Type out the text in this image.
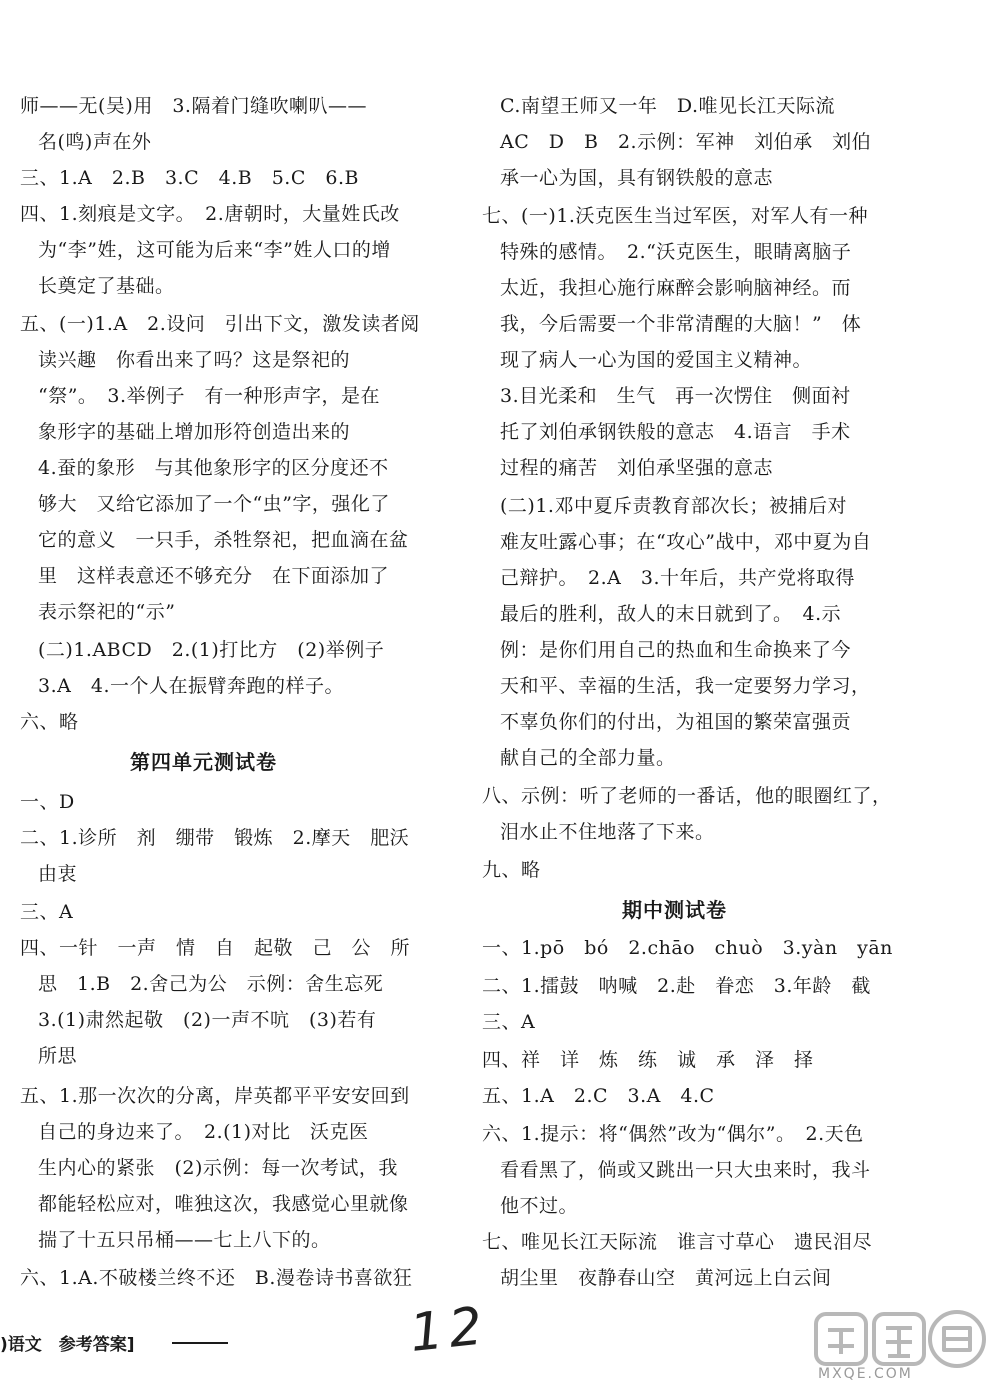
师——无(吴)用　3.隔着门缝吹喇叭——
名(鸣)声在外
三、1.A　2.B　3.C　4.B　5.C　6.B
四、1.刻痕是文字。　2.唐朝时，大量姓氏改
为“李”姓，这可能为后来“李”姓人口的增
长奠定了基础。
五、(一)1.A　2.设问　引出下文，激发读者阅
读兴趣　你看出来了吗？这是祭祀的
“祭”。　3.举例子　有一种形声字，是在
象形字的基础上增加形符创造出来的
4.蚕的象形　与其他象形字的区分度还不
够大　又给它添加了一个“虫”字，强化了
它的意义　一只手，杀牲祭祀，把血滴在盆
里　这样表意还不够充分　在下面添加了
表示祭祀的“示”
(二)1.ABCD　2.(1)打比方　(2)举例子
3.A　4.一个人在振臂奔跑的样子。
六、略
第四单元测试卷
一、D
二、1.诊所　剂　绷带　锻炼　2.摩天　肥沃
由衷
三、A
四、一针　一声　情　自　起敬　己　公　所
思　1.B　2.舍己为公　示例：舍生忘死
3.(1)肃然起敬　(2)一声不吭　(3)若有
所思
五、1.那一次次的分离，岸英都平平安安回到
自己的身边来了。　2.(1)对比　沃克医
生内心的紧张　(2)示例：每一次考试，我
都能轻松应对，唯独这次，我感觉心里就像
揣了十五只吊桶——七上八下的。
六、1.A.不破楼兰终不还　B.漫卷诗书喜欲狂
C.南望王师又一年　D.唯见长江天际流
AC　D　B　2.示例：军神　刘伯承　刘伯
承一心为国，具有钢铁般的意志
七、(一)1.沃克医生当过军医，对军人有一种
特殊的感情。　2.“沃克医生，眼睛离脑子
太近，我担心施行麻醉会影响脑神经。而
我，今后需要一个非常清醒的大脑！”　体
现了病人一心为国的爱国主义精神。
3.目光柔和　生气　再一次愣住　侧面衬
托了刘伯承钢铁般的意志　4.语言　手术
过程的痛苦　刘伯承坚强的意志
(二)1.邓中夏斥责教育部次长；被捕后对
难友吐露心事；在“攻心”战中，邓中夏为自
己辩护。　2.A　3.十年后，共产党将取得
最后的胜利，敌人的末日就到了。　4.示
例：是你们用自己的热血和生命换来了今
天和平、幸福的生活，我一定要努力学习，
不辜负你们的付出，为祖国的繁荣富强贡
献自己的全部力量。
八、示例：听了老师的一番话，他的眼圈红了，
泪水止不住地落了下来。
九、略
期中测试卷
一、1.pō　bó　2.chāo　chuò　3.yàn　yān
二、1.擂鼓　呐喊　2.赴　眷恋　3.年龄　截
三、A
四、祥　详　炼　练　诚　承　泽　择
五、1.A　2.C　3.A　4.C
六、1.提示：将“偶然”改为“偶尔”。　2.天色
看看黑了，倘或又跳出一只大虫来时，我斗
他不过。
七、唯见长江天际流　谁言寸草心　遗民泪尽
胡尘里　夜静春山空　黄河远上白云间
)语文　参考答案]	12
MXQE.COM
